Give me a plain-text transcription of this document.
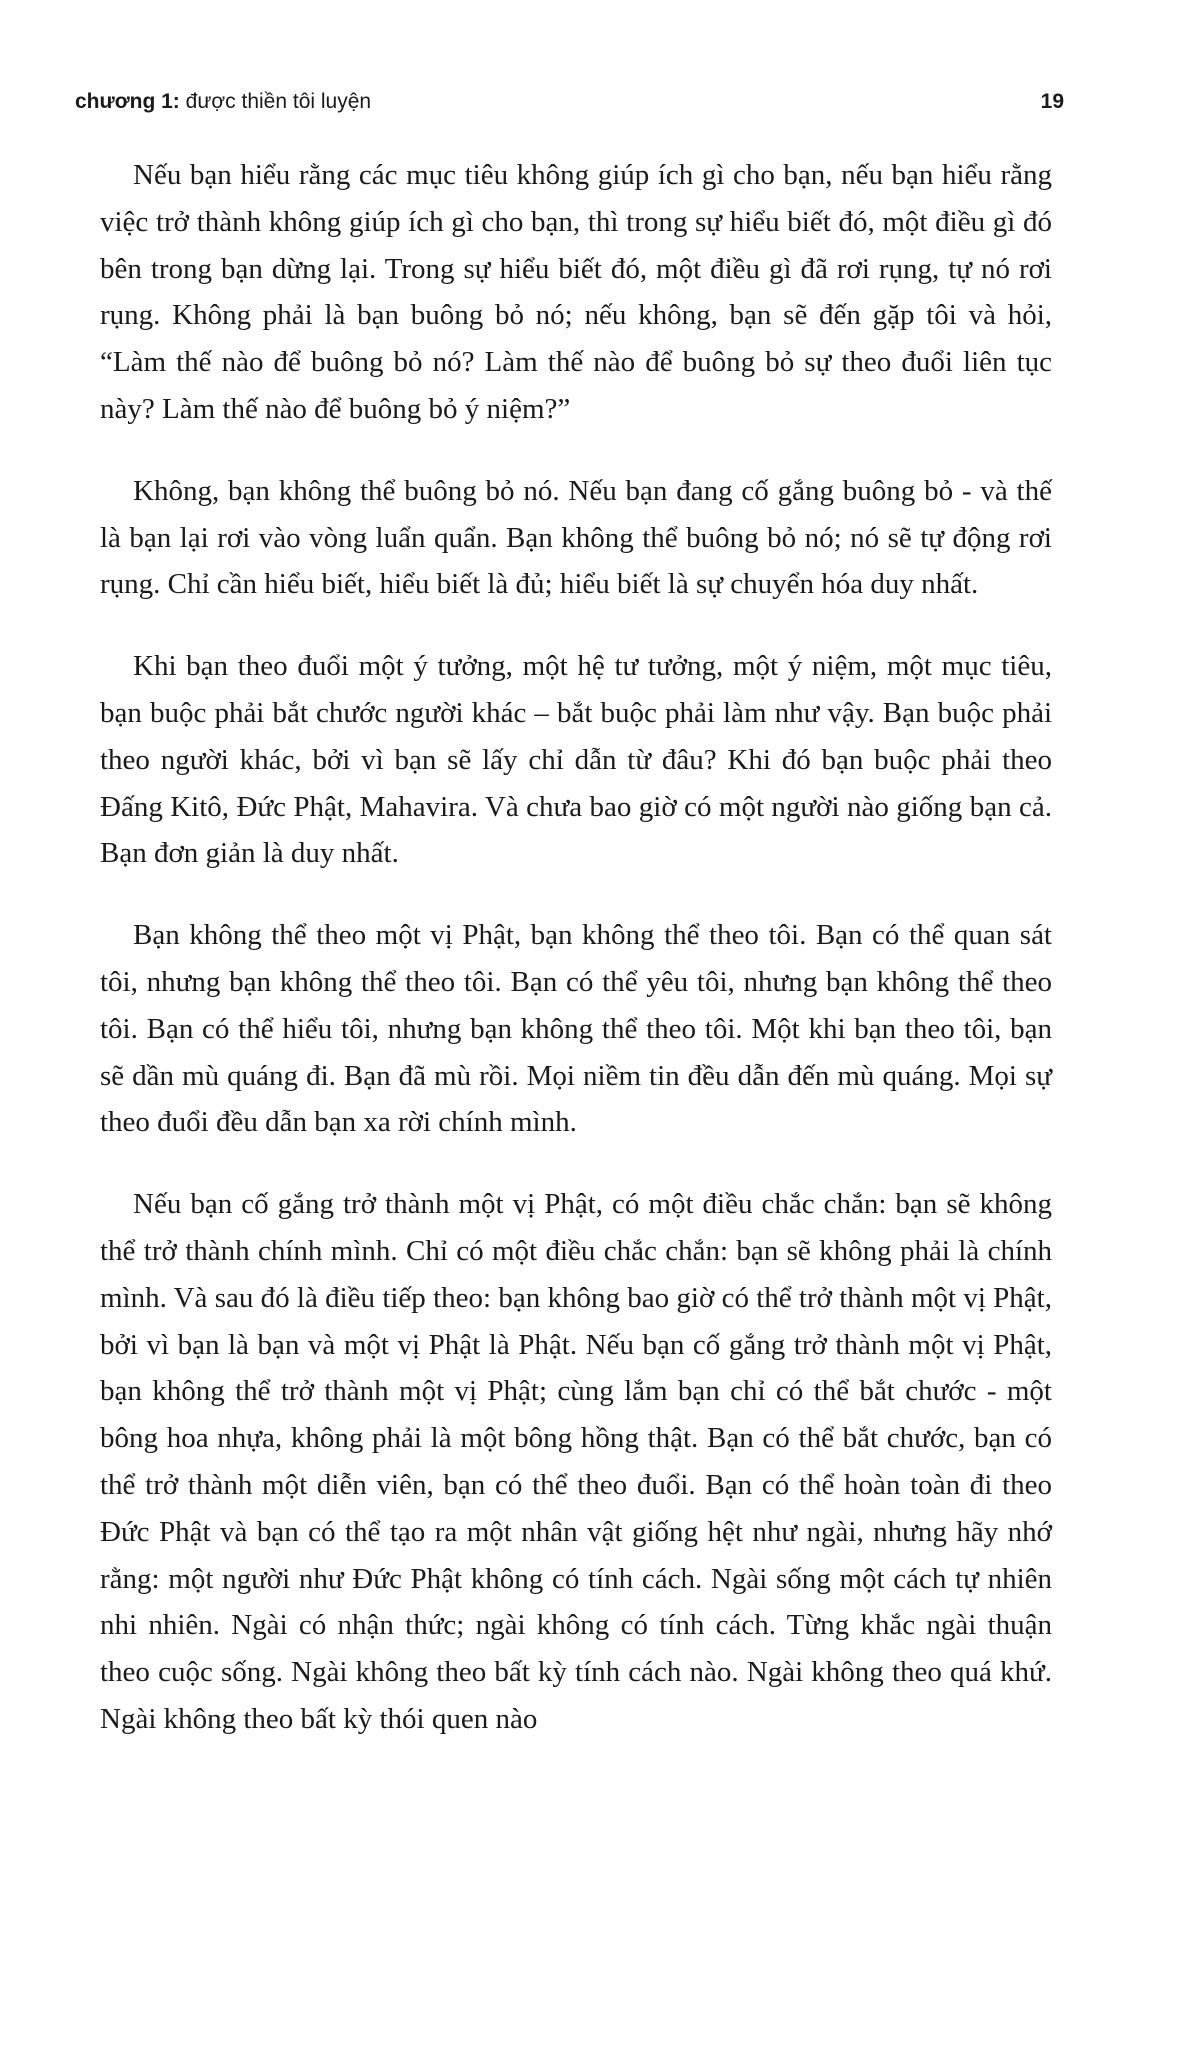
chương 1: được thiền tôi luyện	19

Nếu bạn hiểu rằng các mục tiêu không giúp ích gì cho bạn, nếu bạn hiểu rằng việc trở thành không giúp ích gì cho bạn, thì trong sự hiểu biết đó, một điều gì đó bên trong bạn dừng lại. Trong sự hiểu biết đó, một điều gì đã rơi rụng, tự nó rơi rụng. Không phải là bạn buông bỏ nó; nếu không, bạn sẽ đến gặp tôi và hỏi, “Làm thế nào để buông bỏ nó? Làm thế nào để buông bỏ sự theo đuổi liên tục này? Làm thế nào để buông bỏ ý niệm?”

Không, bạn không thể buông bỏ nó. Nếu bạn đang cố gắng buông bỏ - và thế là bạn lại rơi vào vòng luẩn quẩn. Bạn không thể buông bỏ nó; nó sẽ tự động rơi rụng. Chỉ cần hiểu biết, hiểu biết là đủ; hiểu biết là sự chuyển hóa duy nhất.

Khi bạn theo đuổi một ý tưởng, một hệ tư tưởng, một ý niệm, một mục tiêu, bạn buộc phải bắt chước người khác – bắt buộc phải làm như vậy. Bạn buộc phải theo người khác, bởi vì bạn sẽ lấy chỉ dẫn từ đâu? Khi đó bạn buộc phải theo Đấng Kitô, Đức Phật, Mahavira. Và chưa bao giờ có một người nào giống bạn cả. Bạn đơn giản là duy nhất.

Bạn không thể theo một vị Phật, bạn không thể theo tôi. Bạn có thể quan sát tôi, nhưng bạn không thể theo tôi. Bạn có thể yêu tôi, nhưng bạn không thể theo tôi. Bạn có thể hiểu tôi, nhưng bạn không thể theo tôi. Một khi bạn theo tôi, bạn sẽ dần mù quáng đi. Bạn đã mù rồi. Mọi niềm tin đều dẫn đến mù quáng. Mọi sự theo đuổi đều dẫn bạn xa rời chính mình.

Nếu bạn cố gắng trở thành một vị Phật, có một điều chắc chắn: bạn sẽ không thể trở thành chính mình. Chỉ có một điều chắc chắn: bạn sẽ không phải là chính mình. Và sau đó là điều tiếp theo: bạn không bao giờ có thể trở thành một vị Phật, bởi vì bạn là bạn và một vị Phật là Phật. Nếu bạn cố gắng trở thành một vị Phật, bạn không thể trở thành một vị Phật; cùng lắm bạn chỉ có thể bắt chước - một bông hoa nhựa, không phải là một bông hồng thật. Bạn có thể bắt chước, bạn có thể trở thành một diễn viên, bạn có thể theo đuổi. Bạn có thể hoàn toàn đi theo Đức Phật và bạn có thể tạo ra một nhân vật giống hệt như ngài, nhưng hãy nhớ rằng: một người như Đức Phật không có tính cách. Ngài sống một cách tự nhiên nhi nhiên. Ngài có nhận thức; ngài không có tính cách. Từng khắc ngài thuận theo cuộc sống. Ngài không theo bất kỳ tính cách nào. Ngài không theo quá khứ. Ngài không theo bất kỳ thói quen nào
